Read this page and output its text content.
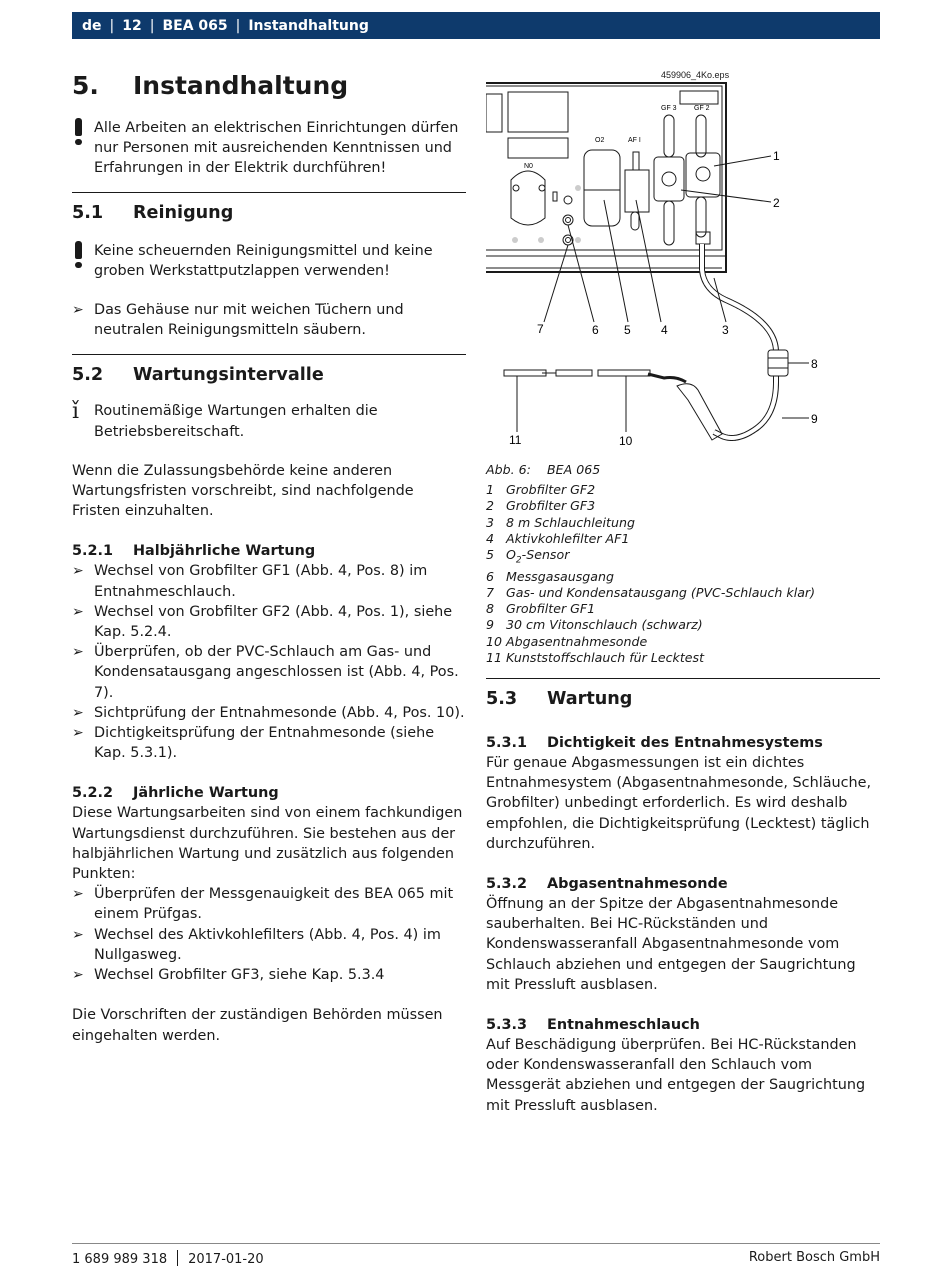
de | 12 | BEA 065 | Instandhaltung
5.	Instandhaltung
Alle Arbeiten an elektrischen Einrichtungen dürfen nur Personen mit ausreichenden Kenntnissen und Erfahrungen in der Elektrik durchführen!
5.1	Reinigung
Keine scheuernden Reinigungsmittel und keine groben Werkstattputzlappen verwenden!
➢ Das Gehäuse nur mit weichen Tüchern und neutralen Reinigungsmitteln säubern.
5.2	Wartungsintervalle
ǐ Routinemäßige Wartungen erhalten die Betriebsbereitschaft.
Wenn die Zulassungsbehörde keine anderen Wartungsfristen vorschreibt, sind nachfolgende Fristen einzuhalten.
5.2.1	Halbjährliche Wartung
➢ Wechsel von Grobfilter GF1 (Abb. 4, Pos. 8) im Entnahmeschlauch.
➢ Wechsel von Grobfilter GF2 (Abb. 4, Pos. 1), siehe Kap. 5.2.4.
➢ Überprüfen, ob der PVC-Schlauch am Gas- und Kondensatausgang angeschlossen ist (Abb. 4, Pos. 7).
➢ Sichtprüfung der Entnahmesonde (Abb. 4, Pos. 10).
➢ Dichtigkeitsprüfung der Entnahmesonde (siehe Kap. 5.3.1).
5.2.2	Jährliche Wartung
Diese Wartungsarbeiten sind von einem fachkundigen Wartungsdienst durchzuführen. Sie bestehen aus der halbjährlichen Wartung und zusätzlich aus folgenden Punkten:
➢ Überprüfen der Messgenauigkeit des BEA 065 mit einem Prüfgas.
➢ Wechsel des Aktivkohlefilters (Abb. 4, Pos. 4) im Nullgasweg.
➢ Wechsel Grobfilter GF3, siehe Kap. 5.3.4
Die Vorschriften der zuständigen Behörden müssen eingehalten werden.
459906_4Ko.eps
N0
O2	AF I
GF 3 GF 2
1
2
3
4
5
6
7
8
9
10
11
Abb. 6:	BEA 065
1 Grobfilter GF2
2 Grobfilter GF3
3 8 m Schlauchleitung
4 Aktivkohlefilter AF1
5 $O_2$-Sensor
6 Messgasausgang
7 Gas- und Kondensatausgang (PVC-Schlauch klar)
8 Grobfilter GF1
9 30 cm Vitonschlauch (schwarz)
10 Abgasentnahmesonde
11 Kunststoffschlauch für Lecktest
5.3	Wartung
5.3.1	Dichtigkeit des Entnahmesystems
Für genaue Abgasmessungen ist ein dichtes Entnahmesystem (Abgasentnahmesonde, Schläuche, Grobfilter) unbedingt erforderlich. Es wird deshalb empfohlen, die Dichtigkeitsprüfung (Lecktest) täglich durchzuführen.
5.3.2	Abgasentnahmesonde
Öffnung an der Spitze der Abgasentnahmesonde sauberhalten. Bei HC-Rückständen und Kondenswasseranfall Abgasentnahmesonde vom Schlauch abziehen und entgegen der Saugrichtung mit Pressluft ausblasen.
5.3.3	Entnahmeschlauch
Auf Beschädigung überprüfen. Bei HC-Rückstanden oder Kondenswasseranfall den Schlauch vom Messgerät abziehen und entgegen der Saugrichtung mit Pressluft ausblasen.
1 689 989 318 2017-01-20	Robert Bosch GmbH
